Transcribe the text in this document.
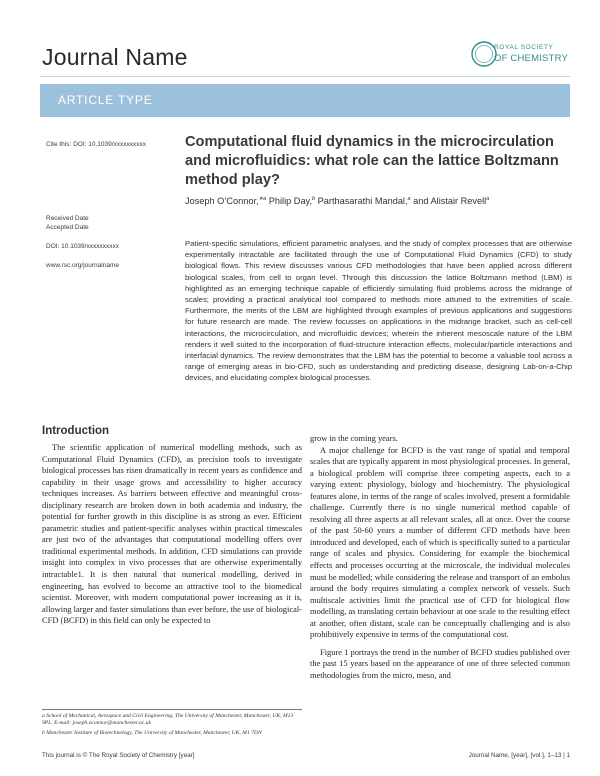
Journal Name	ROYAL SOCIETY
OF CHEMISTRY
ARTICLE TYPE
Cite this: DOI: 10.1039/xxxxxxxxxx
Received Date
Accepted Date
DOI: 10.1039/xxxxxxxxxx
www.rsc.org/journalname
Computational fluid dynamics in the microcirculation and microfluidics: what role can the lattice Boltzmann method play?
Joseph O’Connor,$^{∗a}$ Philip Day,$^b$ Parthasarathi Mandal,$^a$ and Alistair Revell$^a$
Patient-specific simulations, efficient parametric analyses, and the study of complex processes that are otherwise experimentally intractable are facilitated through the use of Computational Fluid Dynamics (CFD) to study biological flows. This review discusses various CFD methodologies that have been applied across different biological scales, from cell to organ level. Through this discussion the lattice Boltzmann method (LBM) is highlighted as an emerging technique capable of efficiently simulating fluid problems across the midrange of scales; providing a practical analytical tool compared to methods more attuned to the extremities of scale. Furthermore, the merits of the LBM are highlighted through examples of previous applications and suggestions for future research are made. The review focusses on applications in the midrange bracket, such as cell-cell interactions, the microcirculation, and microfluidic devices; wherein the inherent mesoscale nature of the LBM renders it well suited to the incorporation of fluid-structure interaction effects, molecular/particle interactions and interfacial dynamics. The review demonstrates that the LBM has the potential to become a valuable tool across a range of emerging areas in bio-CFD, such as understanding and predicting disease, designing Lab-on-a-Chip devices, and elucidating complex biological processes.
Introduction

The scientific application of numerical modelling methods, such as Computational Fluid Dynamics (CFD), as precision tools to investigate biological processes has risen dramatically in recent years as confidence and capability in their usage grows and accessibility to higher accuracy techniques increases. As barriers between effective and meaningful cross-disciplinary research are broken down in both academia and industry, the potential for further growth in this discipline is as strong as ever. Efficient parametric studies and patient-specific analyses within practical timescales are just two of the advantages that computational modelling offers over traditional experimental methods. In addition, CFD simulations can provide insight into complex in vivo processes that are otherwise experimentally intractable1. It is then natural that numerical modelling, derived in engineering, has evolved to become an attractive tool to the biomedical scientist. Moreover, with modern computational power increasing as it is, allowing larger and faster simulations than ever before, the use of biological-CFD (BCFD) in this field can only be expected to

grow in the coming years.

A major challenge for BCFD is the vast range of spatial and temporal scales that are typically apparent in most physiological processes. In general, a biological problem will comprise three competing aspects, each to a varying extent: physiology, biology and biochemistry. The physiological features alone, in terms of the range of scales involved, present a formidable challenge. Currently there is no single numerical method capable of resolving all three aspects at all relevant scales, all at once. Over the course of the past 50-60 years a number of different CFD methods have been introduced and developed, each of which is specifically suited to a particular range of scales and physics. Considering for example the biochemical effects and processes occurring at the microscale, the individual molecules must be modelled; while considering the release and transport of an embolus around the body requires simulating a complex network of vessels. Such multiscale activities limit the practical use of CFD for biological flow modelling, as translating certain behaviour at one scale to the resulting effect at another, often distant, scale can be conceptually challenging and is also prohibitively expensive in terms of the computational cost.

Figure 1 portrays the trend in the number of BCFD studies published over the past 15 years based on the appearance of one of three selected common methodologies from the micro, meso, and

a School of Mechanical, Aerospace and Civil Engineering, The University of Manchester, Manchester, UK, M13 9PL. E-mail: joseph.oconnor@manchester.ac.uk

b Manchester Institute of Biotechnology, The University of Manchester, Manchester, UK, M1 7DN

This journal is © The Royal Society of Chemistry [year]	Journal Name, [year], [vol.], 1–13 | 1
